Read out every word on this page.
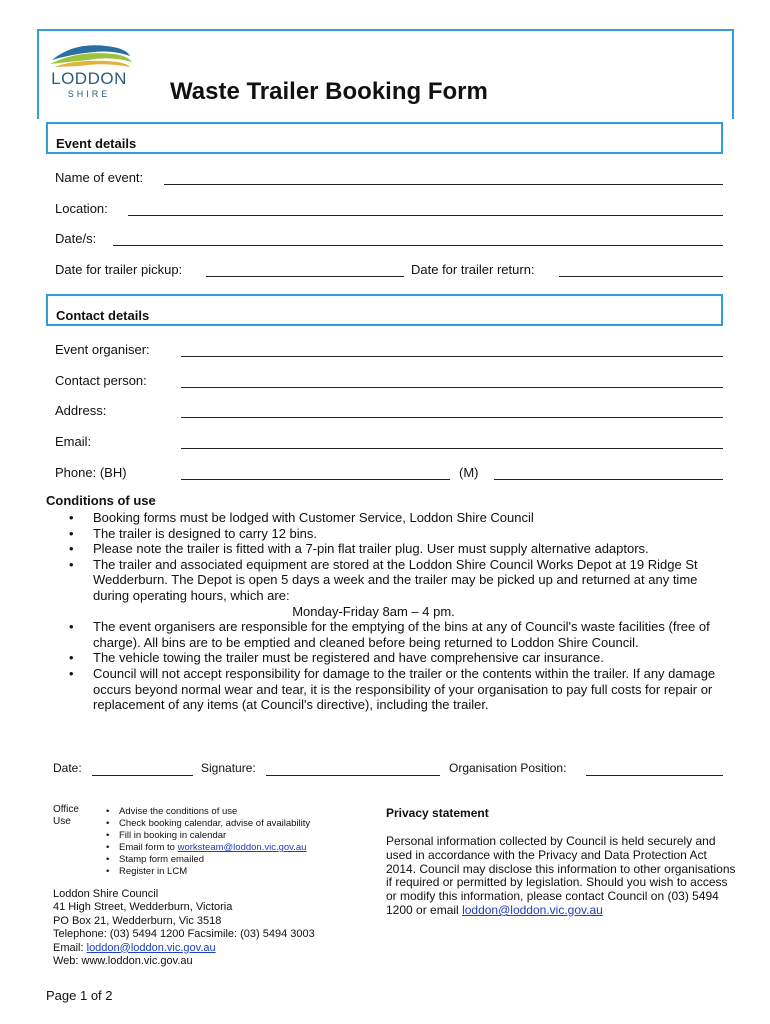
LODDON
SHIRE	Waste Trailer Booking Form
Event details
Name of event:
Location:
Date/s:
Date for trailer pickup:	Date for trailer return:
Contact details
Event organiser:
Contact person:
Address:
Email:
Phone: (BH)	(M)
Conditions of use
• Booking forms must be lodged with Customer Service, Loddon Shire Council
• The trailer is designed to carry 12 bins.
• Please note the trailer is fitted with a 7-pin flat trailer plug. User must supply alternative adaptors.
• The trailer and associated equipment are stored at the Loddon Shire Council Works Depot at 19 Ridge St Wedderburn. The Depot is open 5 days a week and the trailer may be picked up and returned at any time during operating hours, which are:
Monday-Friday 8am – 4 pm.
• The event organisers are responsible for the emptying of the bins at any of Council's waste facilities (free of charge). All bins are to be emptied and cleaned before being returned to Loddon Shire Council.
• The vehicle towing the trailer must be registered and have comprehensive car insurance.
• Council will not accept responsibility for damage to the trailer or the contents within the trailer. If any damage occurs beyond normal wear and tear, it is the responsibility of your organisation to pay full costs for repair or replacement of any items (at Council's directive), including the trailer.
Date:	Signature:	Organisation Position:
Office
Use
• Advise the conditions of use
• Check booking calendar, advise of availability
• Fill in booking in calendar
• Email form to worksteam@loddon.vic.gov.au
• Stamp form emailed
• Register in LCM
Loddon Shire Council
41 High Street, Wedderburn, Victoria
PO Box 21, Wedderburn, Vic 3518
Telephone: (03) 5494 1200 Facsimile: (03) 5494 3003
Email: loddon@loddon.vic.gov.au
Web: www.loddon.vic.gov.au
Privacy statement
Personal information collected by Council is held securely and used in accordance with the Privacy and Data Protection Act 2014. Council may disclose this information to other organisations if required or permitted by legislation. Should you wish to access or modify this information, please contact Council on (03) 5494 1200 or email loddon@loddon.vic.gov.au
Page 1 of 2
